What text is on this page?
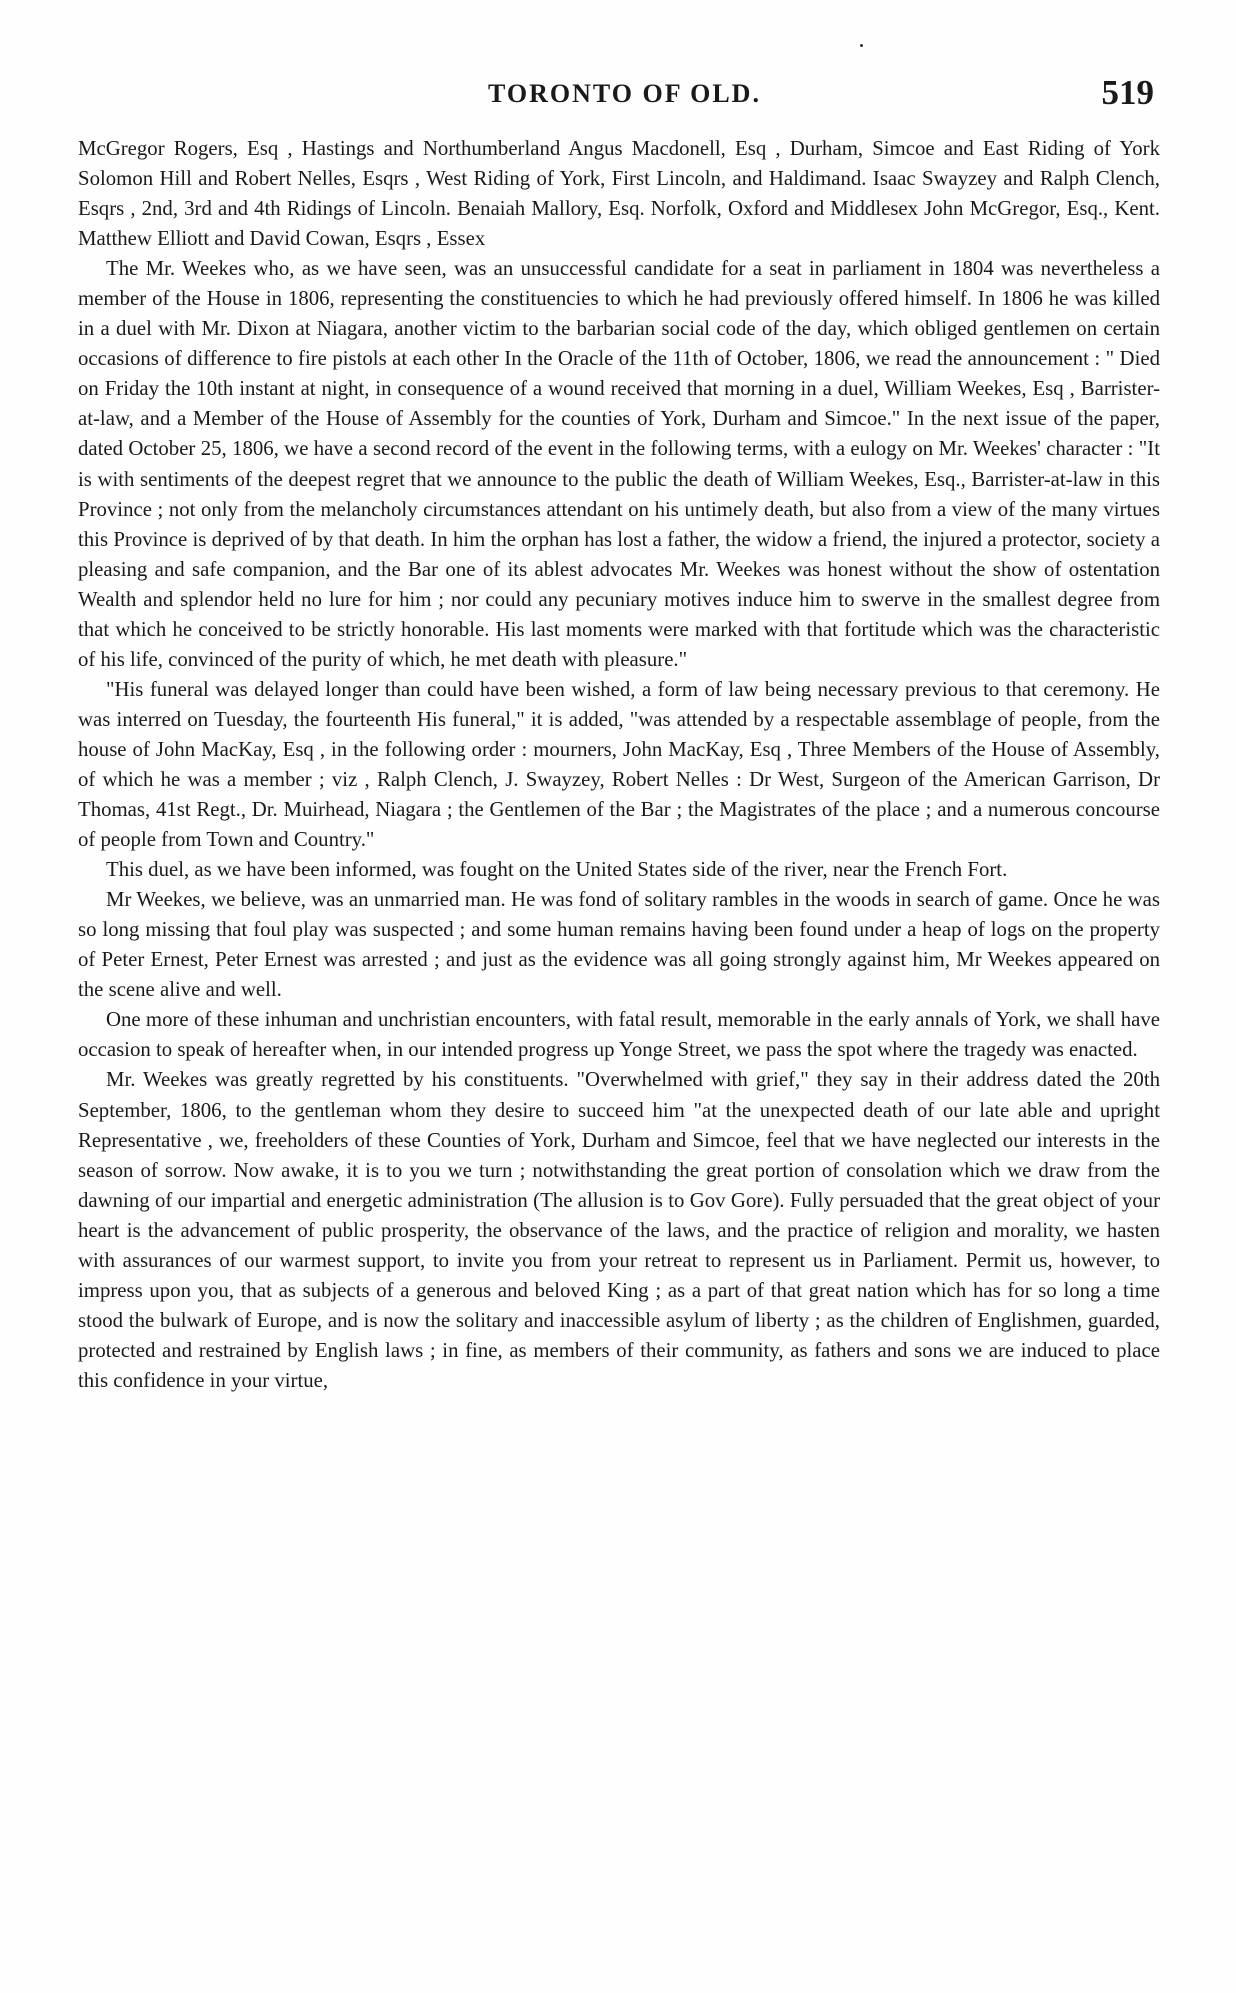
TORONTO OF OLD.	519

McGregor Rogers, Esq , Hastings and Northumberland Angus Macdonell, Esq , Durham, Simcoe and East Riding of York Solomon Hill and Robert Nelles, Esqrs , West Riding of York, First Lincoln, and Haldimand. Isaac Swayzey and Ralph Clench, Esqrs , 2nd, 3rd and 4th Ridings of Lincoln. Benaiah Mallory, Esq. Norfolk, Oxford and Middlesex John McGregor, Esq., Kent. Matthew Elliott and David Cowan, Esqrs , Essex

The Mr. Weekes who, as we have seen, was an unsuccessful candidate for a seat in parliament in 1804 was nevertheless a member of the House in 1806, representing the constituencies to which he had previously offered himself. In 1806 he was killed in a duel with Mr. Dixon at Niagara, another victim to the barbarian social code of the day, which obliged gentlemen on certain occasions of difference to fire pistols at each other In the Oracle of the 11th of October, 1806, we read the announcement : " Died on Friday the 10th instant at night, in consequence of a wound received that morning in a duel, William Weekes, Esq , Barrister-at-law, and a Member of the House of Assembly for the counties of York, Durham and Simcoe." In the next issue of the paper, dated October 25, 1806, we have a second record of the event in the following terms, with a eulogy on Mr. Weekes' character : "It is with sentiments of the deepest regret that we announce to the public the death of William Weekes, Esq., Barrister-at-law in this Province ; not only from the melancholy circumstances attendant on his untimely death, but also from a view of the many virtues this Province is deprived of by that death. In him the orphan has lost a father, the widow a friend, the injured a protector, society a pleasing and safe companion, and the Bar one of its ablest advocates Mr. Weekes was honest without the show of ostentation Wealth and splendor held no lure for him ; nor could any pecuniary motives induce him to swerve in the smallest degree from that which he conceived to be strictly honorable. His last moments were marked with that fortitude which was the characteristic of his life, convinced of the purity of which, he met death with pleasure."

"His funeral was delayed longer than could have been wished, a form of law being necessary previous to that ceremony. He was interred on Tuesday, the fourteenth His funeral," it is added, "was attended by a respectable assemblage of people, from the house of John MacKay, Esq , in the following order : mourners, John MacKay, Esq , Three Members of the House of Assembly, of which he was a member ; viz , Ralph Clench, J. Swayzey, Robert Nelles : Dr West, Surgeon of the American Garrison, Dr Thomas, 41st Regt., Dr. Muirhead, Niagara ; the Gentlemen of the Bar ; the Magistrates of the place ; and a numerous concourse of people from Town and Country."

This duel, as we have been informed, was fought on the United States side of the river, near the French Fort.

Mr Weekes, we believe, was an unmarried man. He was fond of solitary rambles in the woods in search of game. Once he was so long missing that foul play was suspected ; and some human remains having been found under a heap of logs on the property of Peter Ernest, Peter Ernest was arrested ; and just as the evidence was all going strongly against him, Mr Weekes appeared on the scene alive and well.

One more of these inhuman and unchristian encounters, with fatal result, memorable in the early annals of York, we shall have occasion to speak of hereafter when, in our intended progress up Yonge Street, we pass the spot where the tragedy was enacted.

Mr. Weekes was greatly regretted by his constituents. "Overwhelmed with grief," they say in their address dated the 20th September, 1806, to the gentleman whom they desire to succeed him "at the unexpected death of our late able and upright Representative , we, freeholders of these Counties of York, Durham and Simcoe, feel that we have neglected our interests in the season of sorrow. Now awake, it is to you we turn ; notwithstanding the great portion of consolation which we draw from the dawning of our impartial and energetic administration (The allusion is to Gov Gore). Fully persuaded that the great object of your heart is the advancement of public prosperity, the observance of the laws, and the practice of religion and morality, we hasten with assurances of our warmest support, to invite you from your retreat to represent us in Parliament. Permit us, however, to impress upon you, that as subjects of a generous and beloved King ; as a part of that great nation which has for so long a time stood the bulwark of Europe, and is now the solitary and inaccessible asylum of liberty ; as the children of Englishmen, guarded, protected and restrained by English laws ; in fine, as members of their community, as fathers and sons we are induced to place this confidence in your virtue,
